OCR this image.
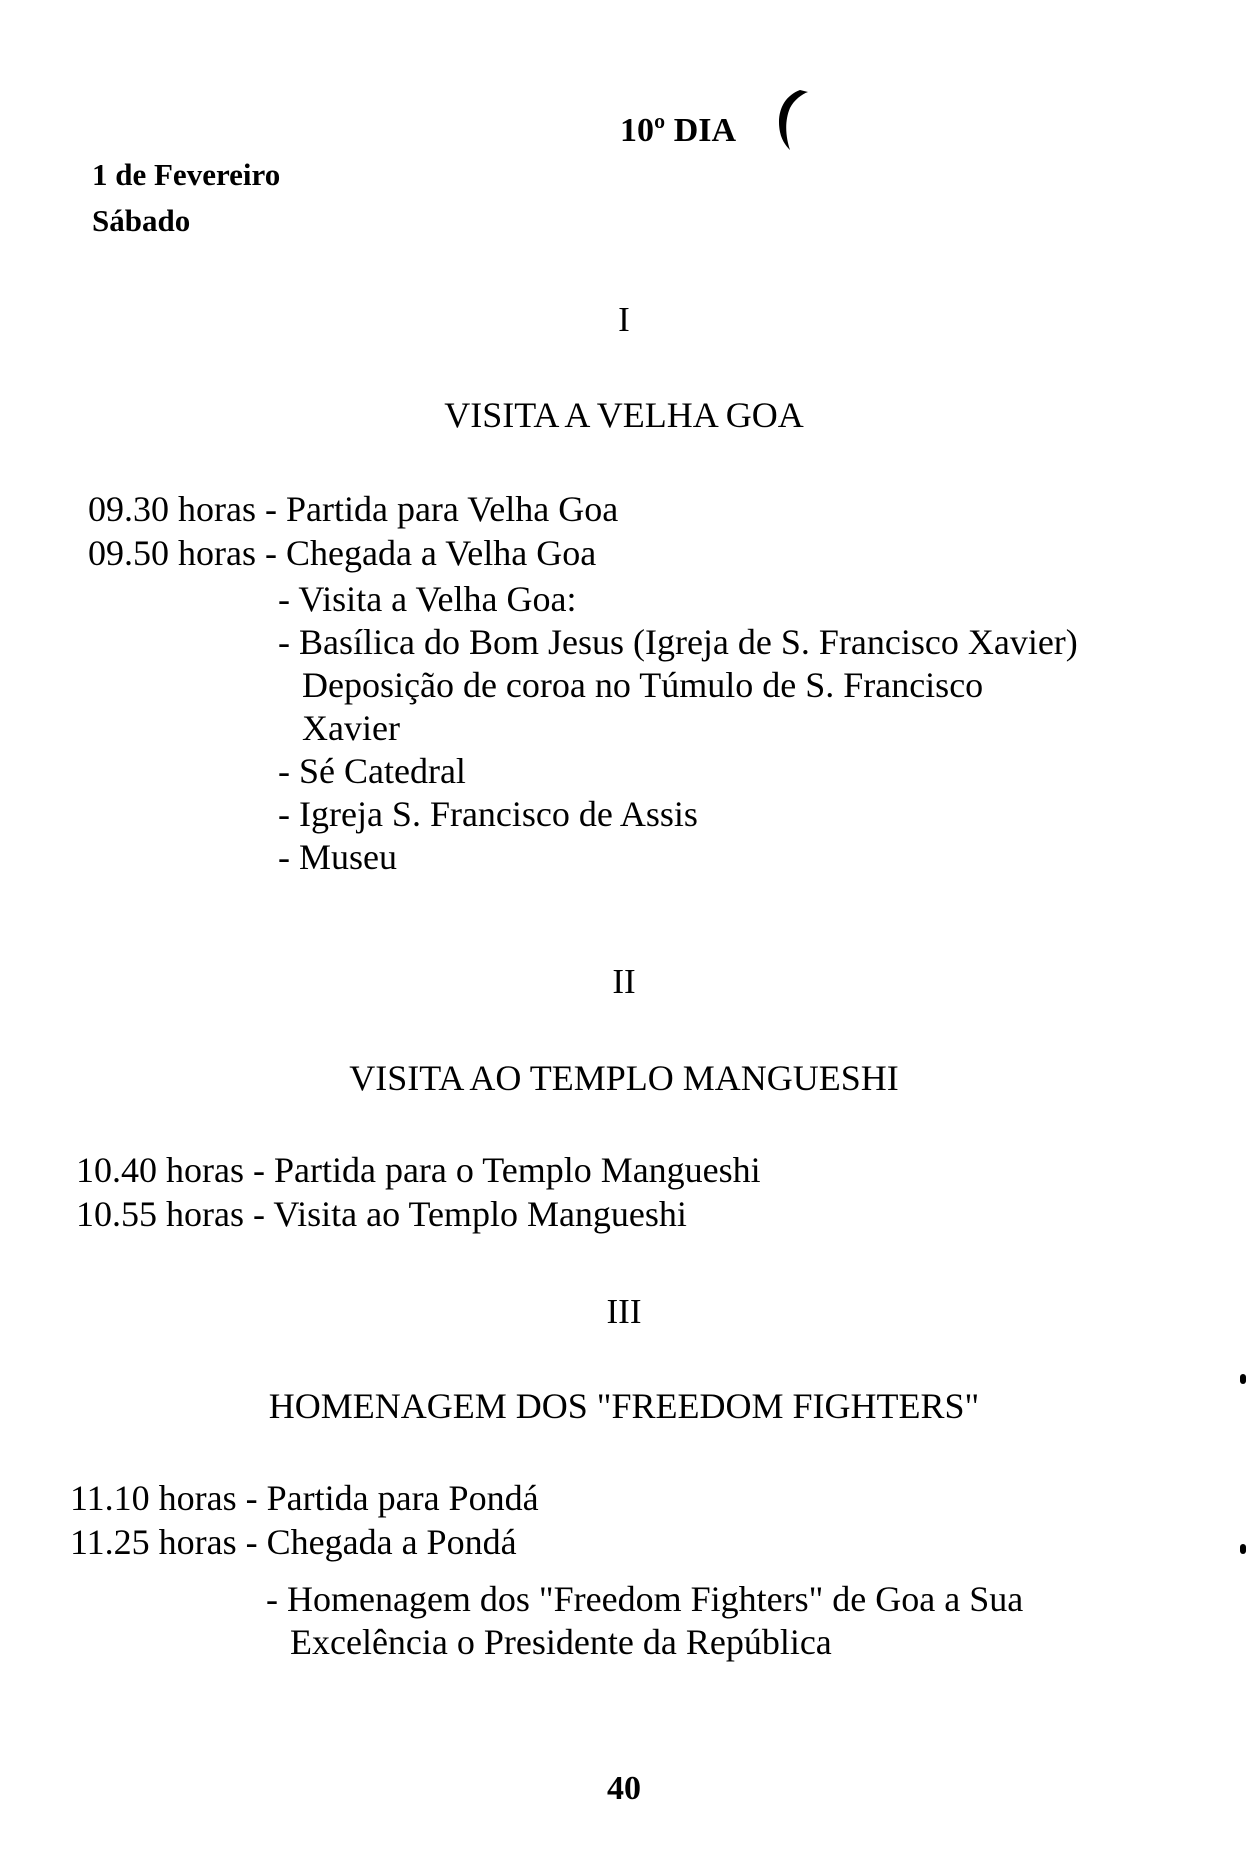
10º DIA
1 de Fevereiro
Sábado
I
VISITA A VELHA GOA
09.30 horas - Partida para Velha Goa
09.50 horas - Chegada a Velha Goa
- Visita a Velha Goa:
- Basílica do Bom Jesus (Igreja de S. Francisco Xavier)
Deposição de coroa no Túmulo de S. Francisco
Xavier
- Sé Catedral
- Igreja S. Francisco de Assis
- Museu
II
VISITA AO TEMPLO MANGUESHI
10.40 horas - Partida para o Templo Mangueshi
10.55 horas - Visita ao Templo Mangueshi
III
HOMENAGEM DOS "FREEDOM FIGHTERS"
11.10 horas - Partida para Pondá
11.25 horas - Chegada a Pondá
- Homenagem dos "Freedom Fighters" de Goa a Sua
Excelência o Presidente da República
40
